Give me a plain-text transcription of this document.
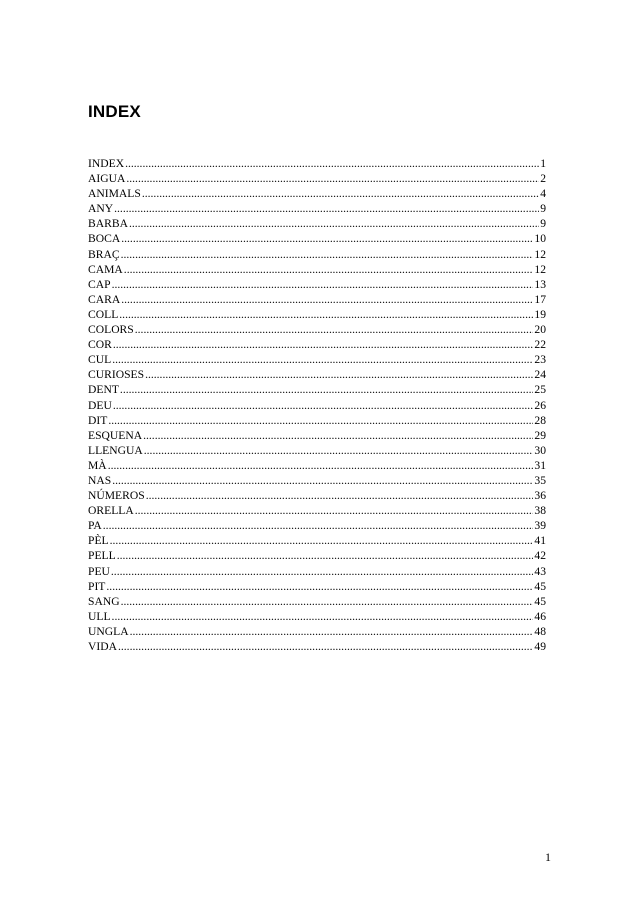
INDEX
INDEX .....	1
AIGUA .....	2
ANIMALS .....	4
ANY .....	9
BARBA .....	9
BOCA .....	10
BRAÇ .....	12
CAMA .....	12
CAP .....	13
CARA .....	17
COLL .....	19
COLORS .....	20
COR .....	22
CUL .....	23
CURIOSES .....	24
DENT .....	25
DEU .....	26
DIT .....	28
ESQUENA .....	29
LLENGUA .....	30
MÀ .....	31
NAS .....	35
NÚMEROS .....	36
ORELLA .....	38
PA .....	39
PÈL .....	41
PELL .....	42
PEU .....	43
PIT .....	45
SANG .....	45
ULL .....	46
UNGLA .....	48
VIDA .....	49
1
